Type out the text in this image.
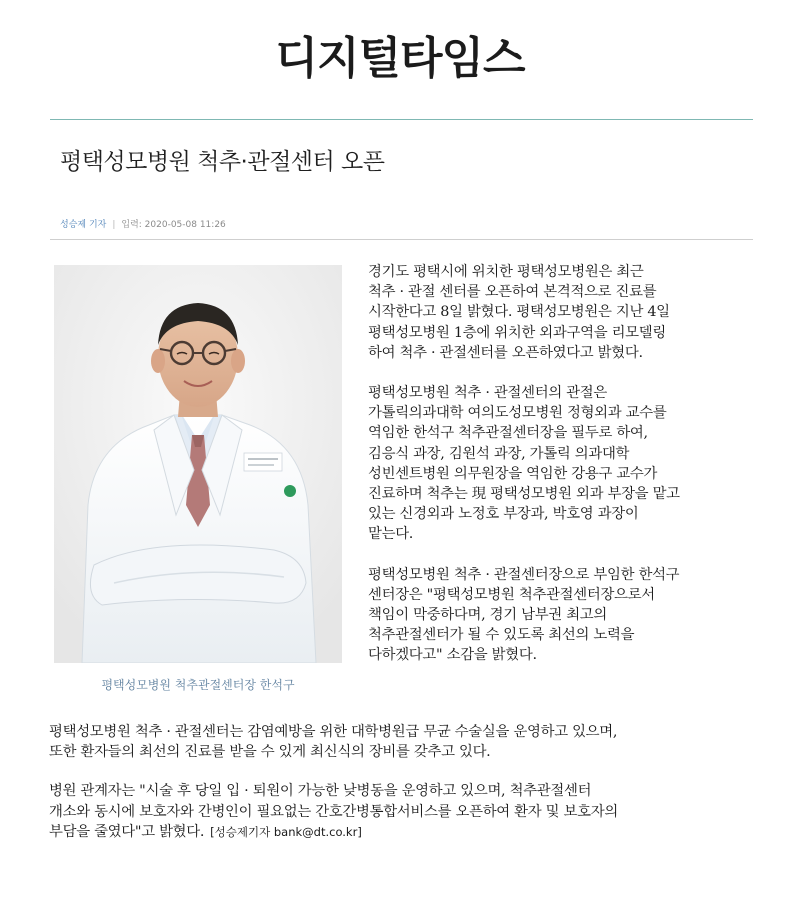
디지털타임스
평택성모병원 척추·관절센터 오픈
성승제 기자 | 입력: 2020-05-08 11:26
평택성모병원 척추관절센터장 한석구

경기도 평택시에 위치한 평택성모병원은 최근
척추 · 관절 센터를 오픈하여 본격적으로 진료를
시작한다고 8일 밝혔다. 평택성모병원은 지난 4일
평택성모병원 1층에 위치한 외과구역을 리모델링
하여 척추 · 관절센터를 오픈하였다고 밝혔다.

평택성모병원 척추 · 관절센터의 관절은
가톨릭의과대학 여의도성모병원 정형외과 교수를
역임한 한석구 척추관절센터장을 필두로 하여,
김응식 과장, 김원석 과장, 가톨릭 의과대학
성빈센트병원 의무원장을 역임한 강용구 교수가
진료하며 척추는 現 평택성모병원 외과 부장을 맡고
있는 신경외과 노정호 부장과, 박호영 과장이
맡는다.

평택성모병원 척추 · 관절센터장으로 부임한 한석구
센터장은 "평택성모병원 척추관절센터장으로서
책임이 막중하다며, 경기 남부권 최고의
척추관절센터가 될 수 있도록 최선의 노력을
다하겠다고" 소감을 밝혔다.

평택성모병원 척추 · 관절센터는 감염예방을 위한 대학병원급 무균 수술실을 운영하고 있으며,
또한 환자들의 최선의 진료를 받을 수 있게 최신식의 장비를 갖추고 있다.

병원 관계자는 "시술 후 당일 입 · 퇴원이 가능한 낮병동을 운영하고 있으며, 척추관절센터
개소와 동시에 보호자와 간병인이 필요없는 간호간병통합서비스를 오픈하여 환자 및 보호자의
부담을 줄였다"고 밝혔다. [성승제기자 bank@dt.co.kr]
